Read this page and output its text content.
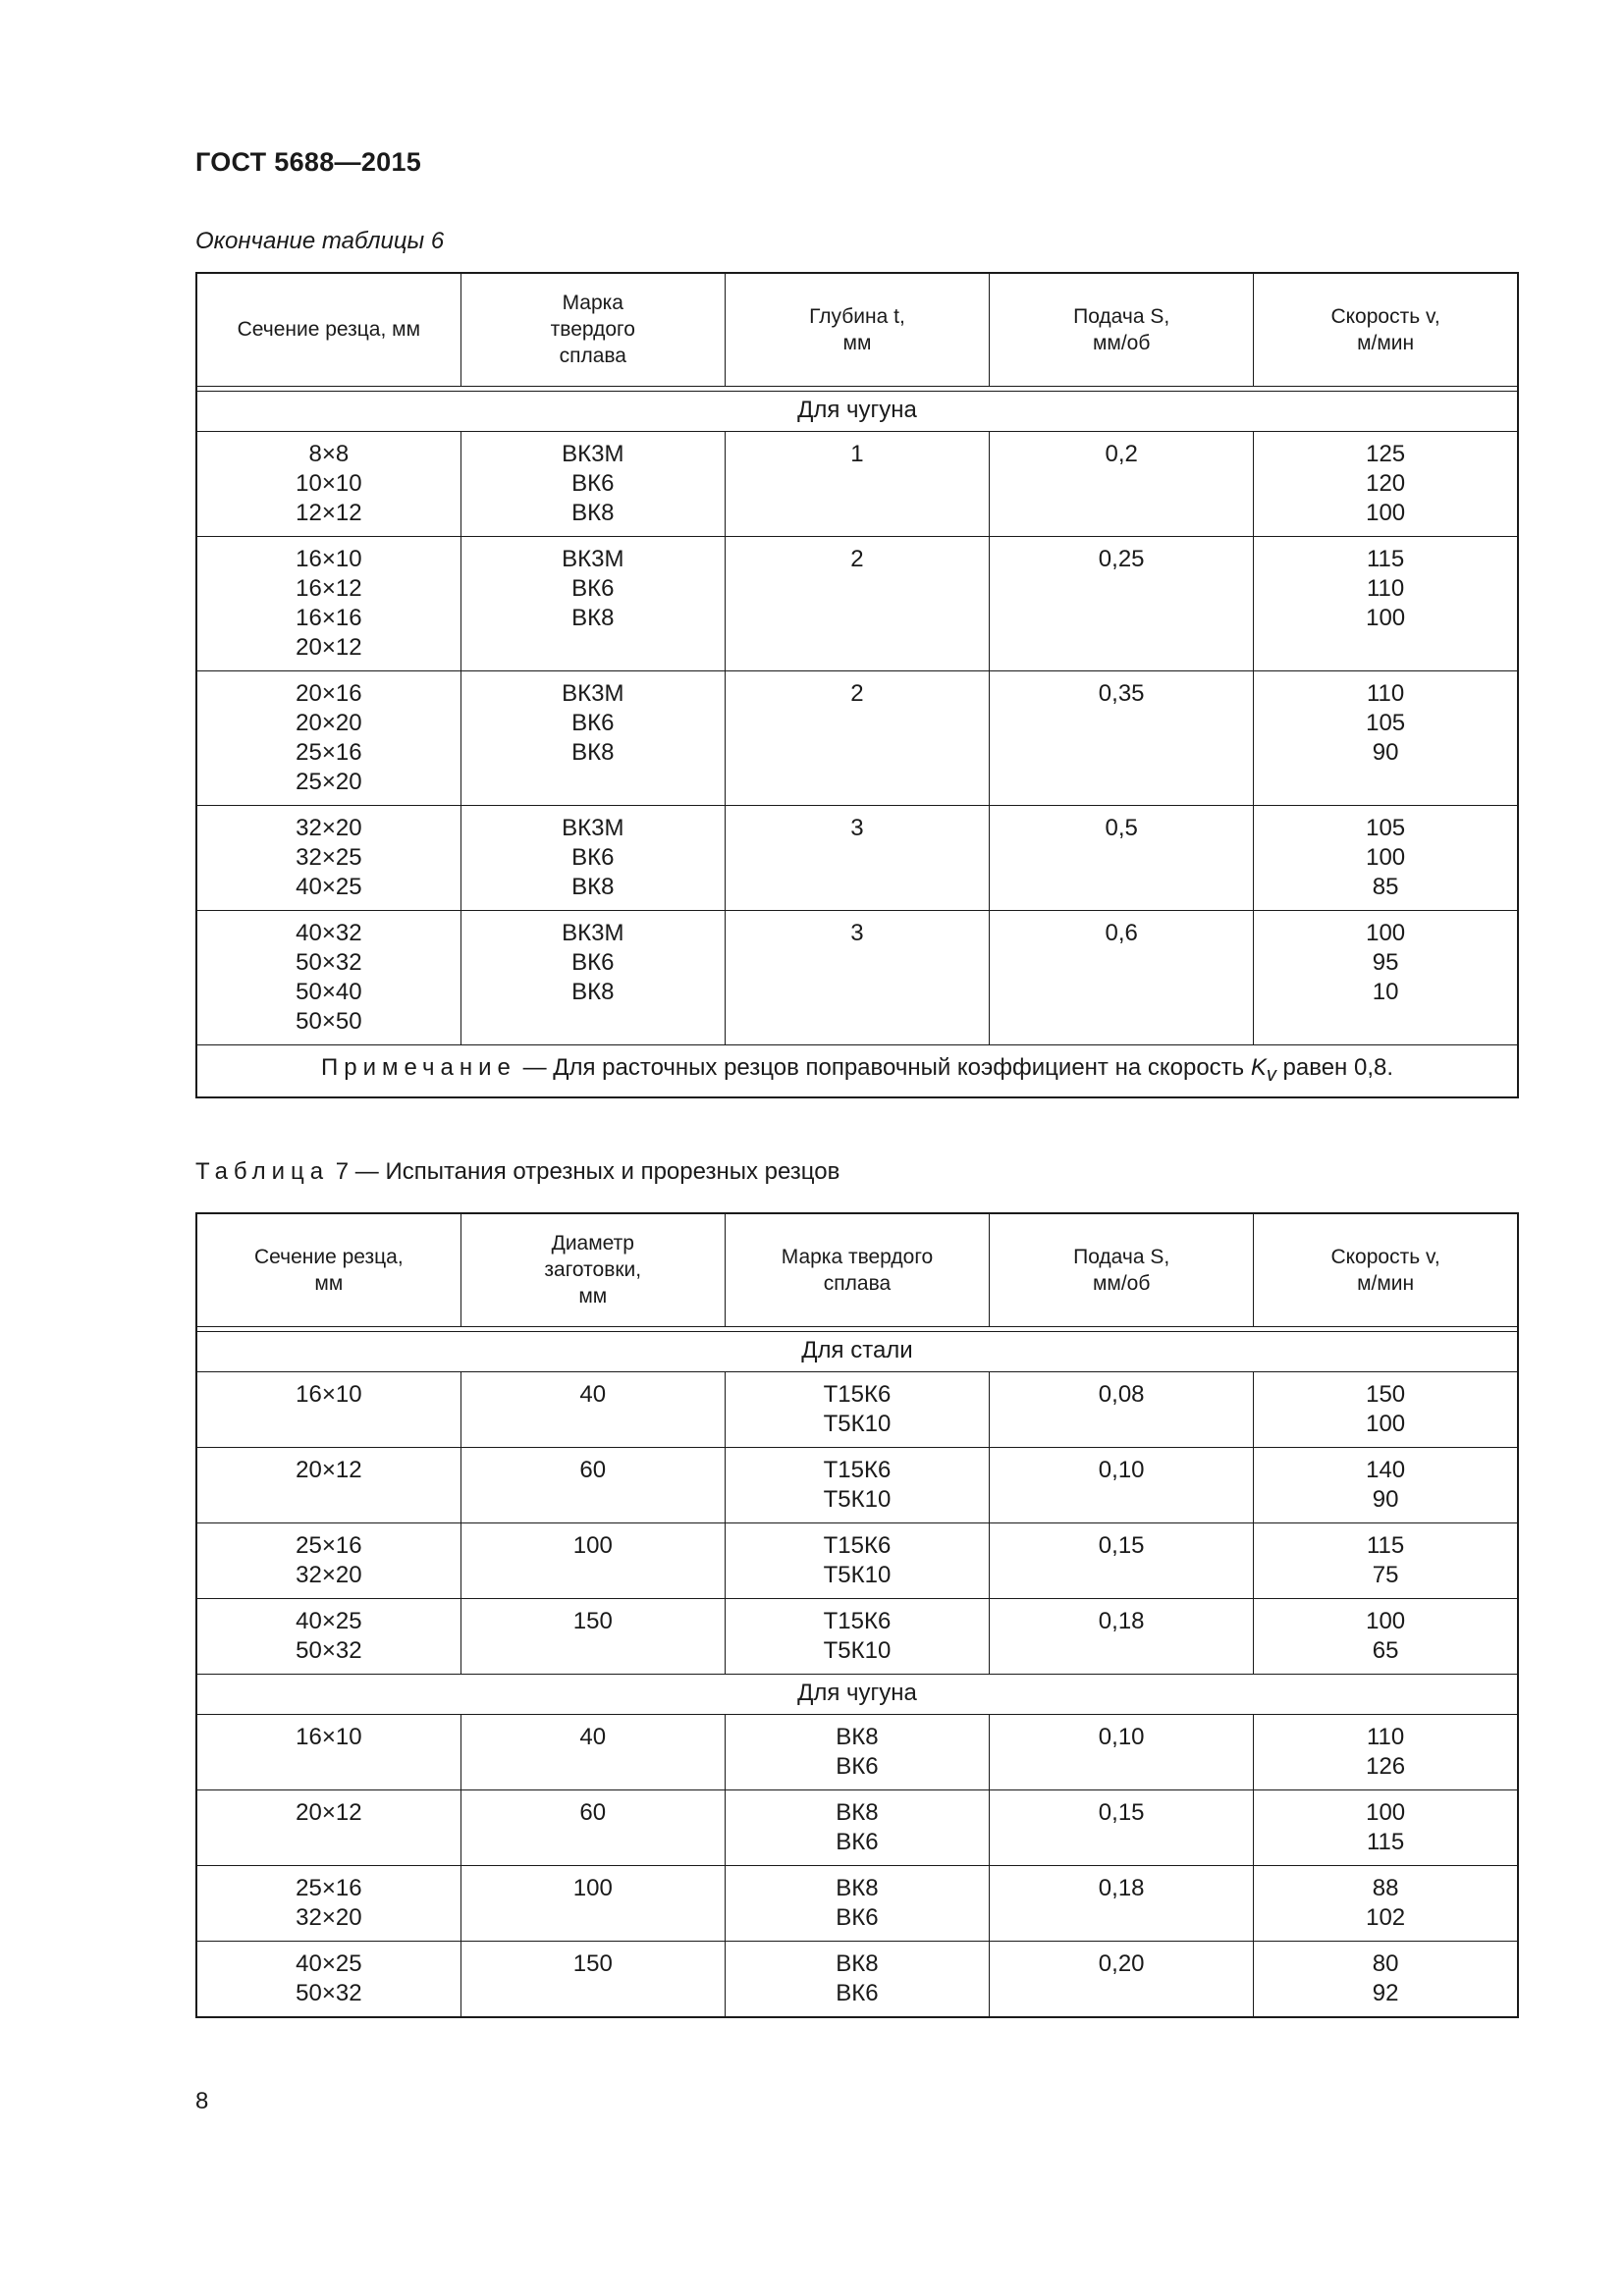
ГОСТ 5688—2015
Окончание таблицы 6
Сечение резца, мм	Марка
твердого
сплава	Глубина t,
мм	Подача S,
мм/об	Скорость v,
м/мин

Для чугуна				

8×8
10×10
12×12	ВК3М
ВК6
ВК8	1	0,2	125
120
100

16×10
16×12
16×16
20×12	ВК3М
ВК6
ВК8	2	0,25	115
110
100

20×16
20×20
25×16
25×20	ВК3М
ВК6
ВК8	2	0,35	110
105
90

32×20
32×25
40×25	ВК3М
ВК6
ВК8	3	0,5	105
100
85

40×32
50×32
50×40
50×50	ВК3М
ВК6
ВК8	3	0,6	100
95
10

Примечание — Для расточных резцов поправочный коэффициент на скорость $K_v$ равен 0,8.				
Таблица 7 — Испытания отрезных и прорезных резцов
Сечение резца,
мм	Диаметр
заготовки,
мм	Марка твердого
сплава	Подача S,
мм/об	Скорость v,
м/мин

Для стали				

16×10	40	Т15К6
Т5К10	0,08	150
100

20×12	60	Т15К6
Т5К10	0,10	140
90

25×16
32×20	100	Т15К6
Т5К10	0,15	115
75

40×25
50×32	150	Т15К6
Т5К10	0,18	100
65

Для чугуна				

16×10	40	ВК8
ВК6	0,10	110
126

20×12	60	ВК8
ВК6	0,15	100
115

25×16
32×20	100	ВК8
ВК6	0,18	88
102

40×25
50×32	150	ВК8
ВК6	0,20	80
92
8
